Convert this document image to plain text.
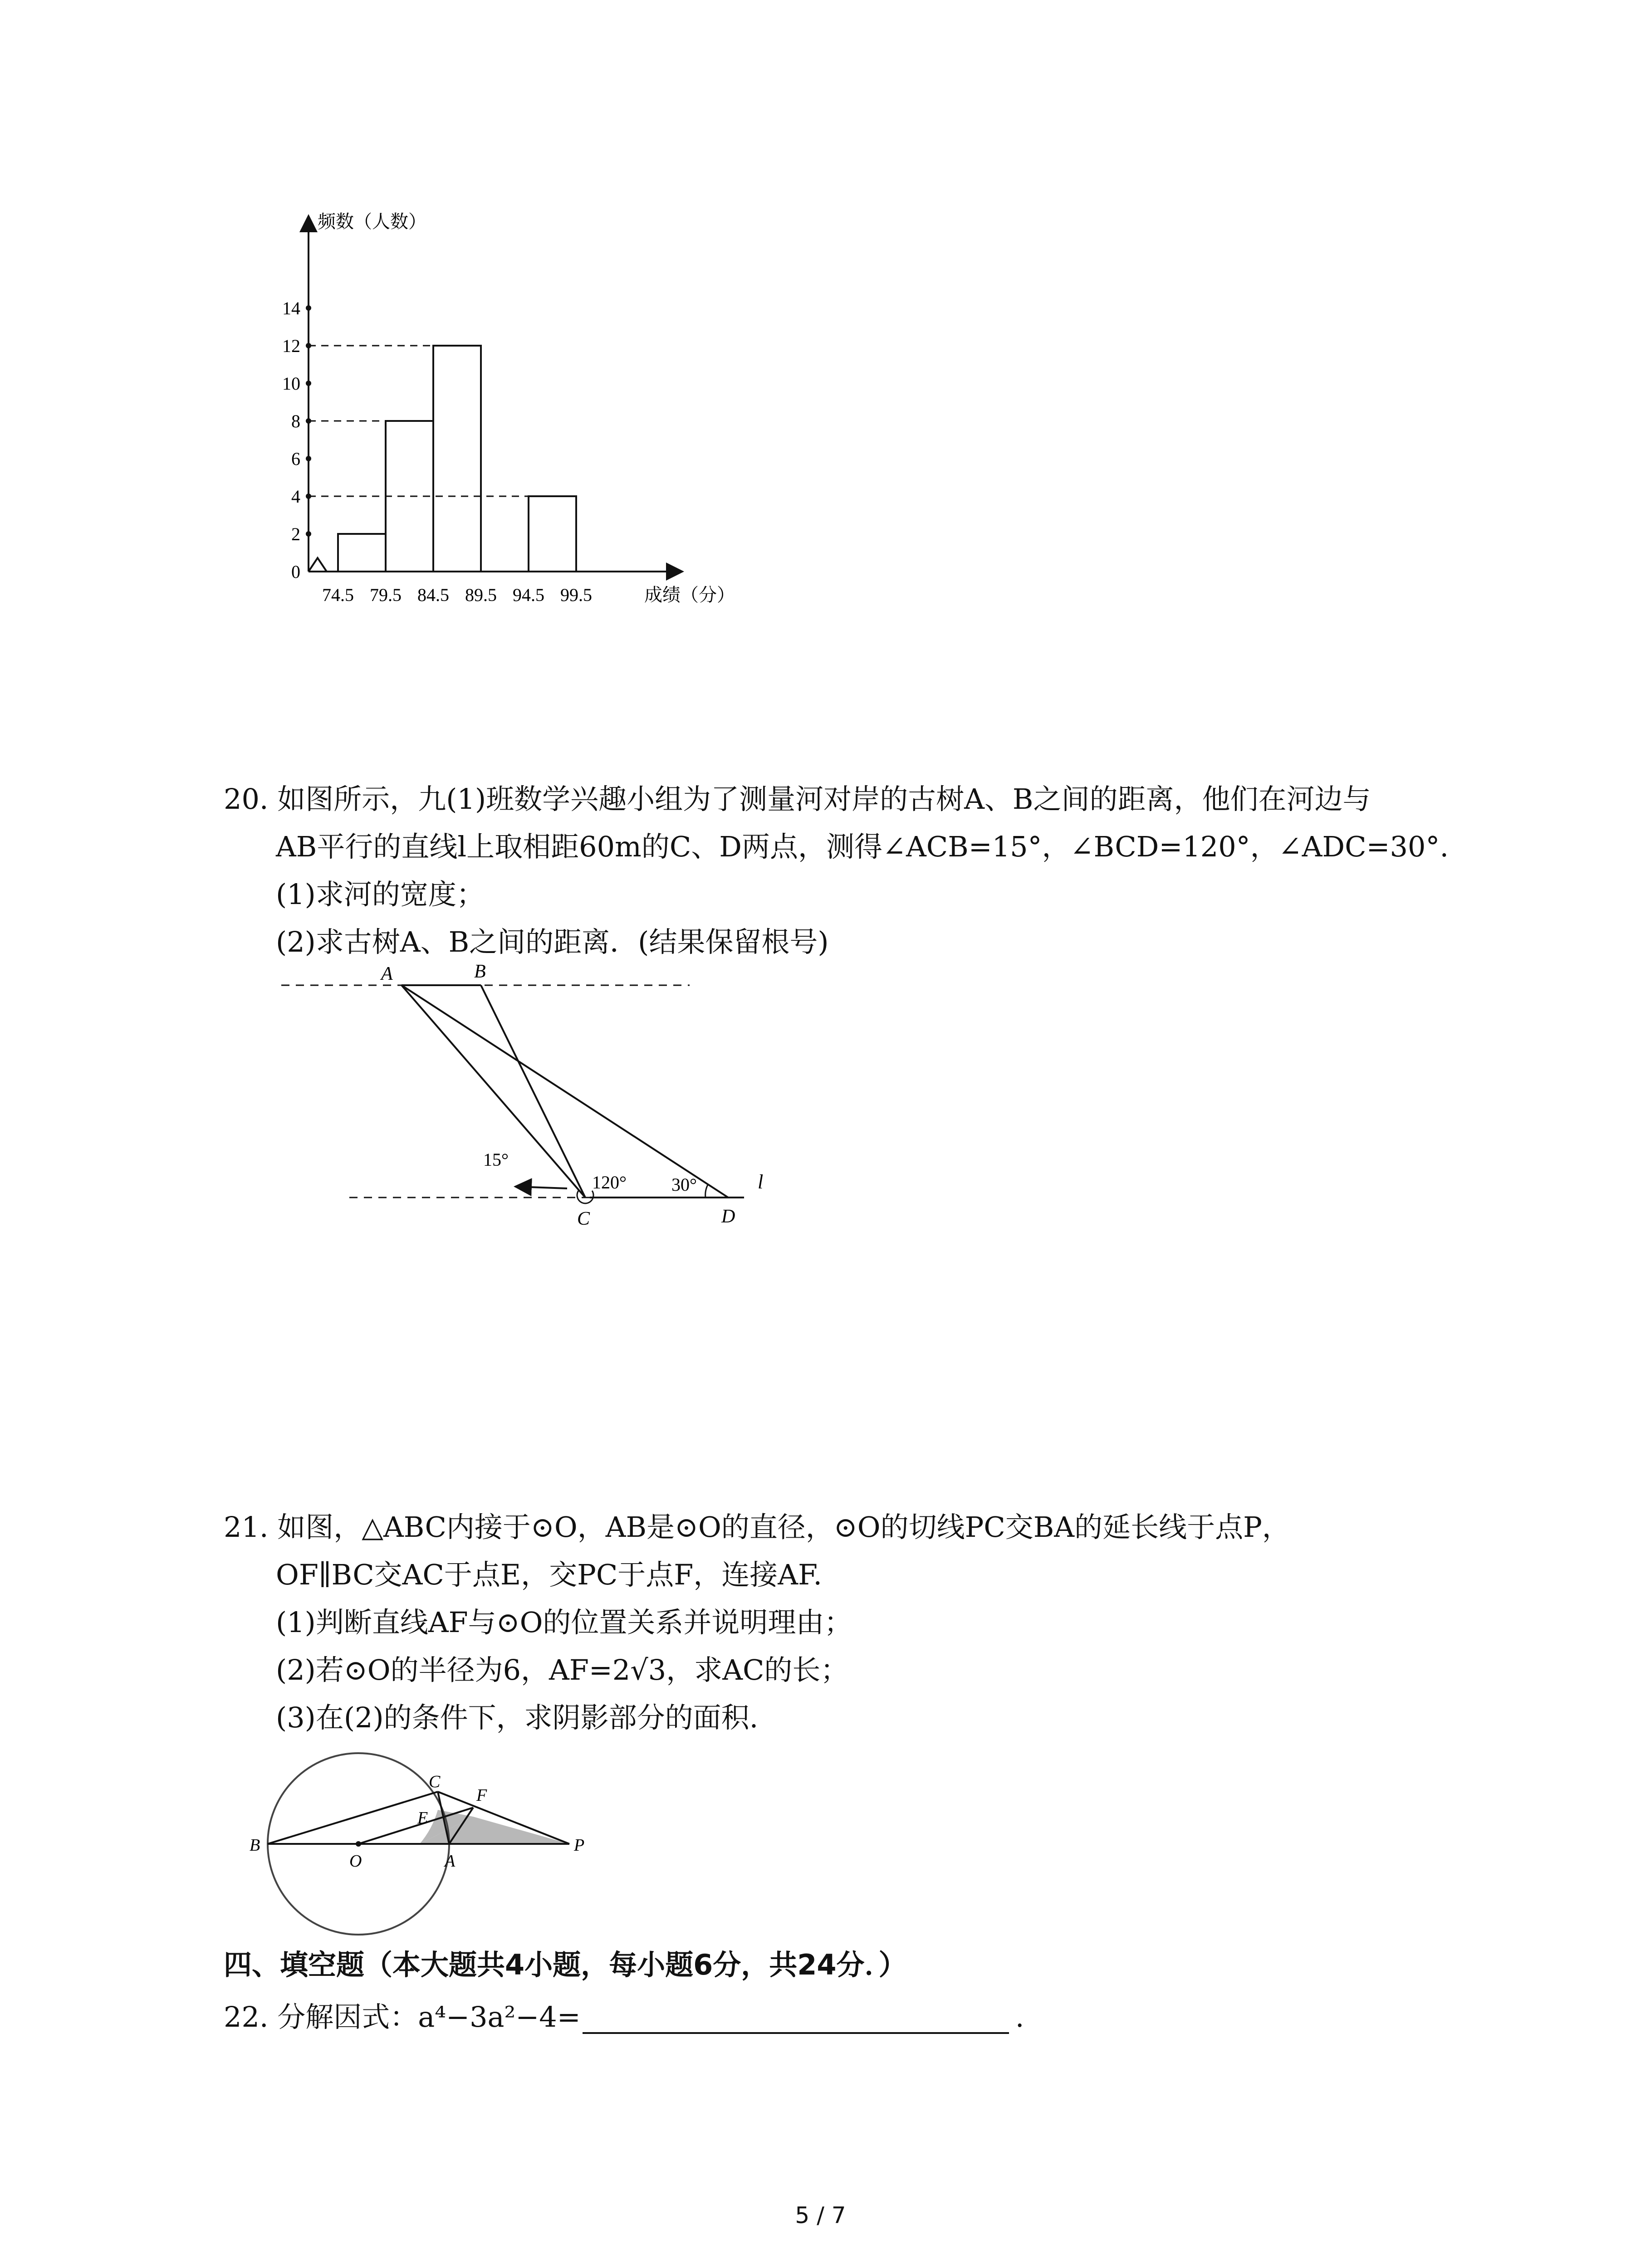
频数（人数）
成绩（分）
0
2
4
6
8
10
12
14
74.5 79.5 84.5 89.5 94.5 99.5
20. 如图所示，九(1)班数学兴趣小组为了测量河对岸的古树A、B之间的距离，他们在河边与
AB平行的直线l上取相距60m的C、D两点，测得∠ACB=15°，∠BCD=120°，∠ADC=30°.
(1)求河的宽度；
(2)求古树A、B之间的距离．(结果保留根号)
A	B
C	D
l
15°
120° 30°
21. 如图，△ABC内接于⊙O，AB是⊙O的直径，⊙O的切线PC交BA的延长线于点P，
OF∥BC交AC于点E，交PC于点F，连接AF.
(1)判断直线AF与⊙O的位置关系并说明理由；
(2)若⊙O的半径为6，AF=2√3，求AC的长；
(3)在(2)的条件下，求阴影部分的面积.
B
O	A
P
C
F
E
四、填空题（本大题共4小题，每小题6分，共24分．）
22. 分解因式：a⁴−3a²−4=	.
5 / 7
